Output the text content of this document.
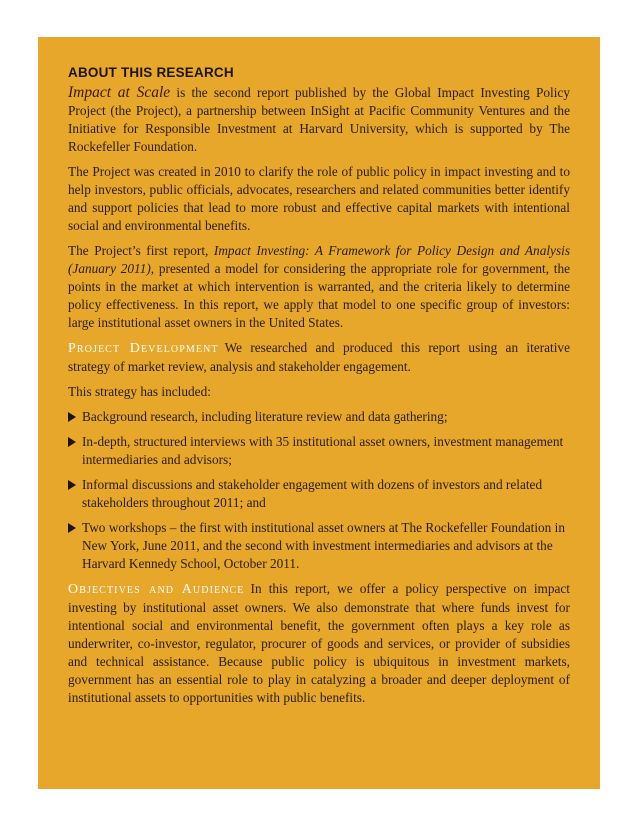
ABOUT THIS RESEARCH

Impact at Scale is the second report published by the Global Impact Investing Policy Project (the Project), a partnership between InSight at Pacific Community Ventures and the Initiative for Responsible Investment at Harvard University, which is supported by The Rockefeller Foundation.

The Project was created in 2010 to clarify the role of public policy in impact investing and to help investors, public officials, advocates, researchers and related communities better identify and support policies that lead to more robust and effective capital markets with intentional social and environmental benefits.

The Project’s first report, Impact Investing: A Framework for Policy Design and Analysis (January 2011), presented a model for considering the appropriate role for government, the points in the market at which intervention is warranted, and the criteria likely to determine policy effectiveness. In this report, we apply that model to one specific group of investors: large institutional asset owners in the United States.

Project Development We researched and produced this report using an iterative strategy of market review, analysis and stakeholder engagement.

This strategy has included:

Background research, including literature review and data gathering;
In-depth, structured interviews with 35 institutional asset owners, investment management intermediaries and advisors;
Informal discussions and stakeholder engagement with dozens of investors and related stakeholders throughout 2011; and
Two workshops – the first with institutional asset owners at The Rockefeller Foundation in New York, June 2011, and the second with investment intermediaries and advisors at the Harvard Kennedy School, October 2011.

Objectives and Audience In this report, we offer a policy perspective on impact investing by institutional asset owners. We also demonstrate that where funds invest for intentional social and environmental benefit, the government often plays a key role as underwriter, co-investor, regulator, procurer of goods and services, or provider of subsidies and technical assistance. Because public policy is ubiquitous in investment markets, government has an essential role to play in catalyzing a broader and deeper deployment of institutional assets to opportunities with public benefits.
